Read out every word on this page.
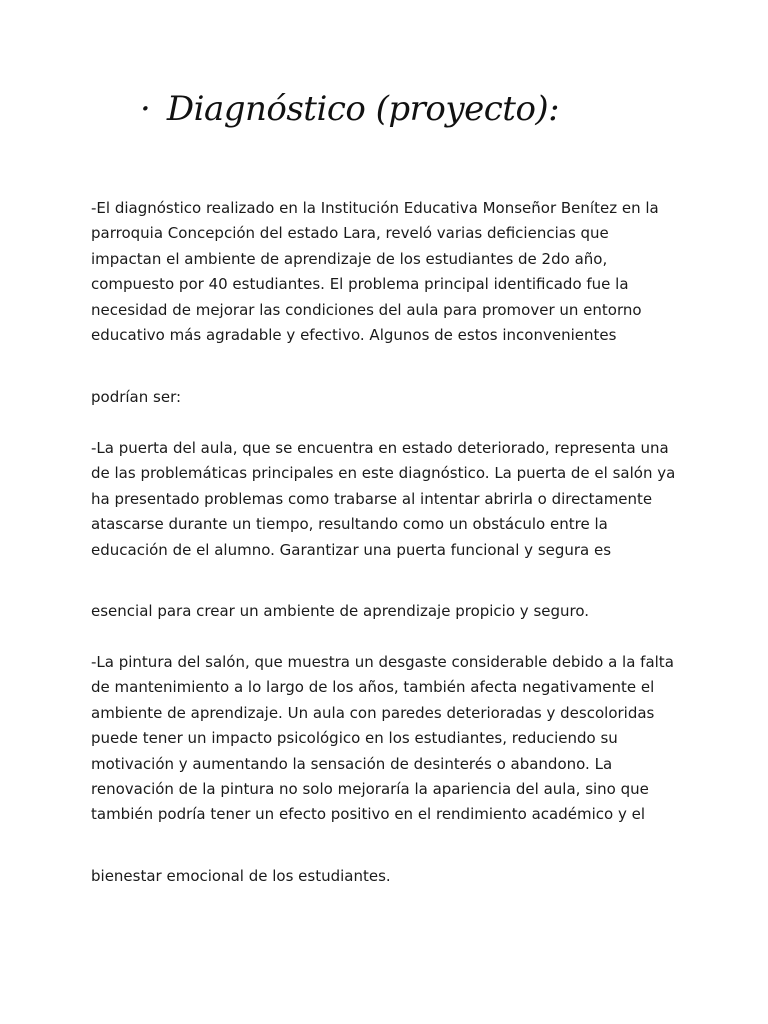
· Diagnóstico (proyecto):
-El diagnóstico realizado en la Institución Educativa Monseñor Benítez en la
parroquia Concepción del estado Lara, reveló varias deficiencias que
impactan el ambiente de aprendizaje de los estudiantes de 2do año,
compuesto por 40 estudiantes. El problema principal identificado fue la
necesidad de mejorar las condiciones del aula para promover un entorno
educativo más agradable y efectivo. Algunos de estos inconvenientes
podrían ser:
-La puerta del aula, que se encuentra en estado deteriorado, representa una
de las problemáticas principales en este diagnóstico. La puerta de el salón ya
ha presentado problemas como trabarse al intentar abrirla o directamente
atascarse durante un tiempo, resultando como un obstáculo entre la
educación de el alumno. Garantizar una puerta funcional y segura es
esencial para crear un ambiente de aprendizaje propicio y seguro.
-La pintura del salón, que muestra un desgaste considerable debido a la falta
de mantenimiento a lo largo de los años, también afecta negativamente el
ambiente de aprendizaje. Un aula con paredes deterioradas y descoloridas
puede tener un impacto psicológico en los estudiantes, reduciendo su
motivación y aumentando la sensación de desinterés o abandono. La
renovación de la pintura no solo mejoraría la apariencia del aula, sino que
también podría tener un efecto positivo en el rendimiento académico y el
bienestar emocional de los estudiantes.
